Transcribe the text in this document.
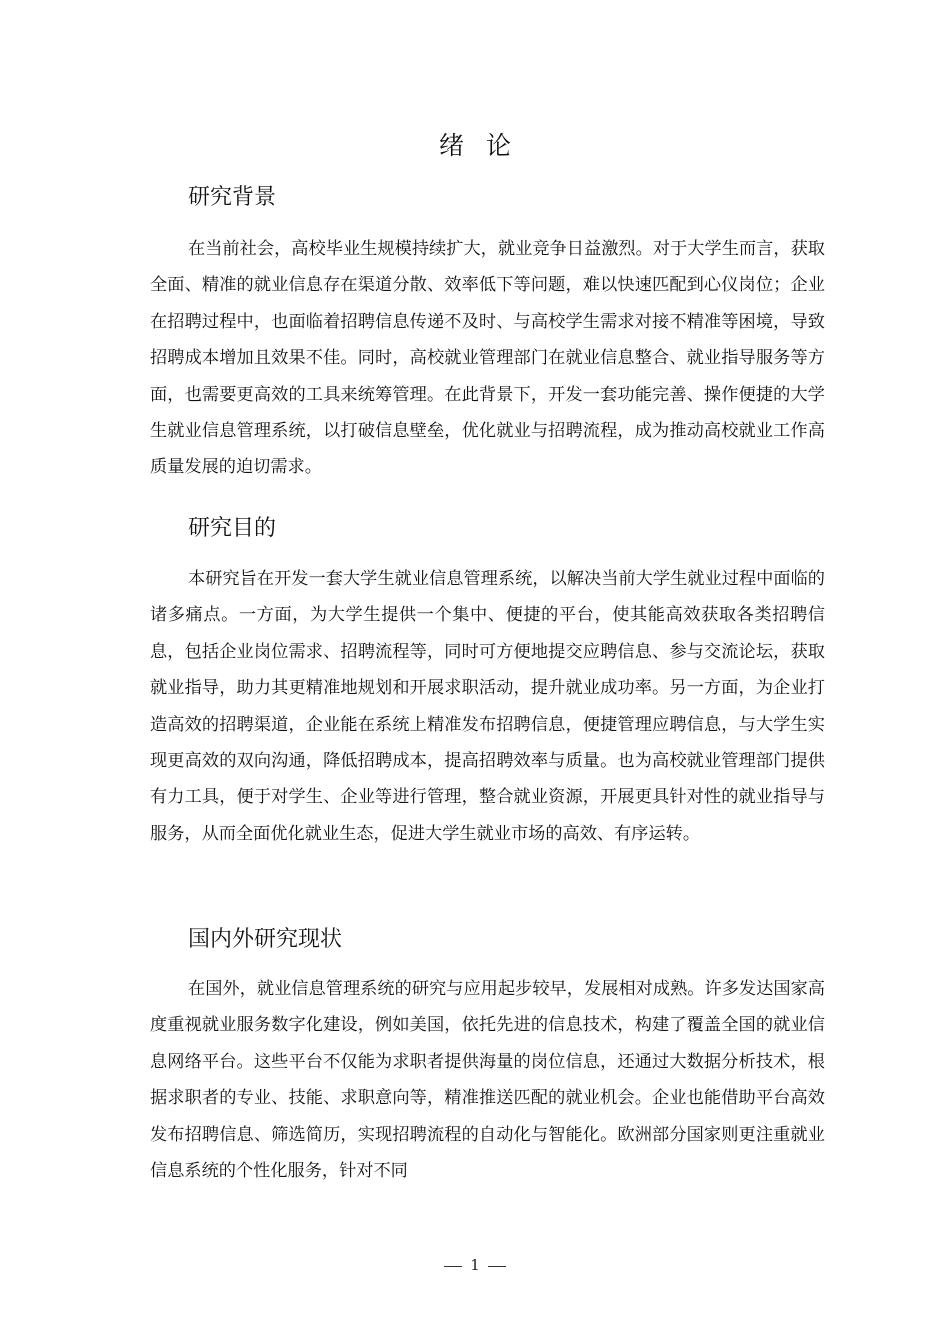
绪论
研究背景

在当前社会，高校毕业生规模持续扩大，就业竞争日益激烈。对于大学生而言，获取全面、精准的就业信息存在渠道分散、效率低下等问题，难以快速匹配到心仪岗位；企业在招聘过程中，也面临着招聘信息传递不及时、与高校学生需求对接不精准等困境，导致招聘成本增加且效果不佳。同时，高校就业管理部门在就业信息整合、就业指导服务等方面，也需要更高效的工具来统筹管理。在此背景下，开发一套功能完善、操作便捷的大学生就业信息管理系统，以打破信息壁垒，优化就业与招聘流程，成为推动高校就业工作高质量发展的迫切需求。

研究目的

本研究旨在开发一套大学生就业信息管理系统，以解决当前大学生就业过程中面临的诸多痛点。一方面，为大学生提供一个集中、便捷的平台，使其能高效获取各类招聘信息，包括企业岗位需求、招聘流程等，同时可方便地提交应聘信息、参与交流论坛，获取就业指导，助力其更精准地规划和开展求职活动，提升就业成功率。另一方面，为企业打造高效的招聘渠道，企业能在系统上精准发布招聘信息，便捷管理应聘信息，与大学生实现更高效的双向沟通，降低招聘成本，提高招聘效率与质量。也为高校就业管理部门提供有力工具，便于对学生、企业等进行管理，整合就业资源，开展更具针对性的就业指导与服务，从而全面优化就业生态，促进大学生就业市场的高效、有序运转。

国内外研究现状

在国外，就业信息管理系统的研究与应用起步较早，发展相对成熟。许多发达国家高度重视就业服务数字化建设，例如美国，依托先进的信息技术，构建了覆盖全国的就业信息网络平台。这些平台不仅能为求职者提供海量的岗位信息，还通过大数据分析技术，根据求职者的专业、技能、求职意向等，精准推送匹配的就业机会。企业也能借助平台高效发布招聘信息、筛选简历，实现招聘流程的自动化与智能化。欧洲部分国家则更注重就业信息系统的个性化服务，针对不同

1
